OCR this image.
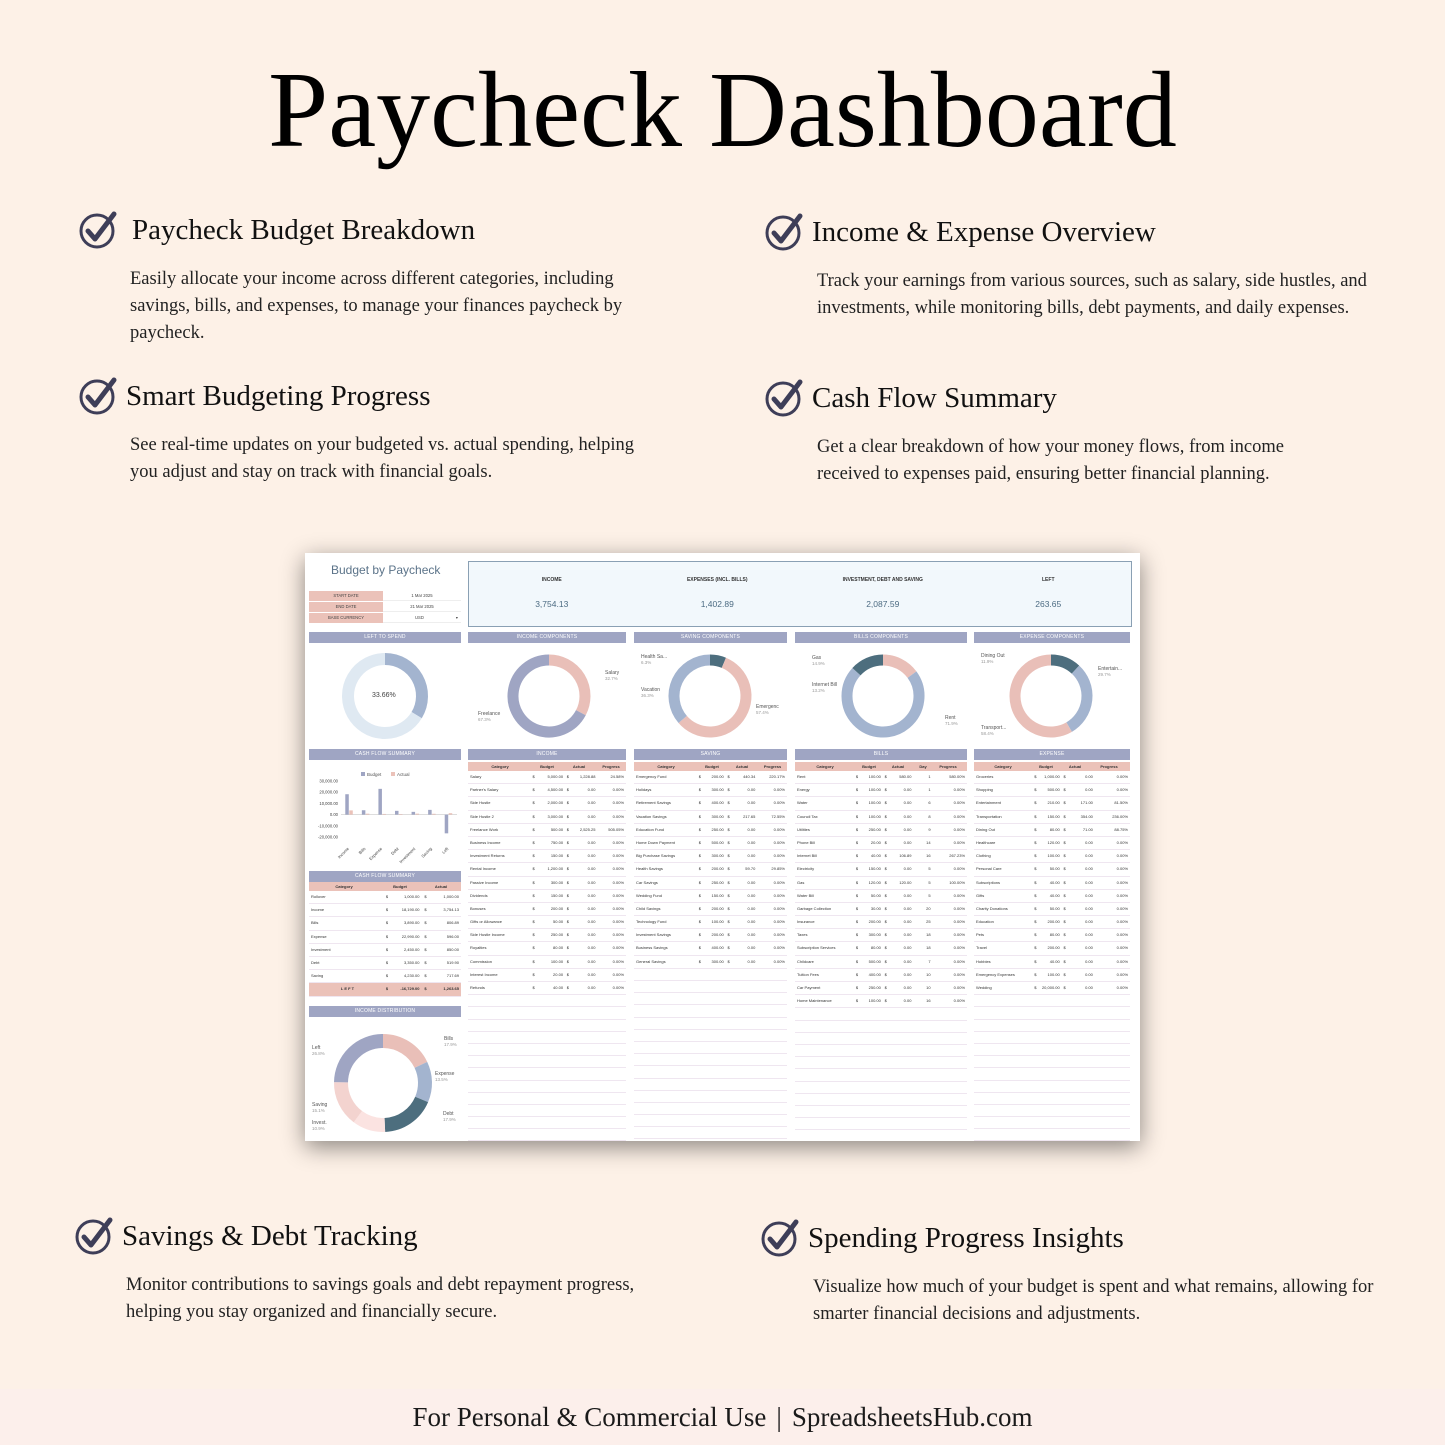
Paycheck Dashboard
Paycheck Budget Breakdown
Easily allocate your income across different categories, including savings, bills, and expenses, to manage your finances paycheck by paycheck.
Income & Expense Overview
Track your earnings from various sources, such as salary, side hustles, and investments, while monitoring bills, debt payments, and daily expenses.
Smart Budgeting Progress
See real-time updates on your budgeted vs. actual spending, helping you adjust and stay on track with financial goals.
Cash Flow Summary
Get a clear breakdown of how your money flows, from income received to expenses paid, ensuring better financial planning.
Savings & Debt Tracking
Monitor contributions to savings goals and debt repayment progress, helping you stay organized and financially secure.
Spending Progress Insights
Visualize how much of your budget is spent and what remains, allowing for smarter financial decisions and adjustments.
Budget by Paycheck
START DATE	1 Mar 2025
END DATE	21 Mar 2025
BASE CURRENCY	USD	▾
INCOME
3,754.13
EXPENSES (INCL. BILLS)
1,402.89
INVESTMENT, DEBT AND SAVING
2,087.59
LEFT
263.65
LEFT TO SPEND	INCOME COMPONENTS	SAVING COMPONENTS	BILLS COMPONENTS	EXPENSE COMPONENTS
33.66%
Salary
32.7%
Freelance
67.3%
Health Sa...
6.3%
Vacation
36.3%
Emergenc
57.4%
Gas
14.9%
Internet Bill
13.2%
Rent
71.9%
Dining Out
11.9%
Entertain...
29.7%
Transport...
58.4%
CASH FLOW SUMMARY
Budget	Actual
30,000.00
20,000.00
10,000.00
0.00
-10,000.00
-20,000.00
Income Bills Expense Debt
Investment Saving Left
CASH FLOW SUMMARY
Category	Budget	Actual
Rollover	$	1,000.00	$	1,000.00
Income	$	18,190.00	$	3,754.13
Bills	$	3,890.00	$	806.89
Expense	$	22,990.00	$	596.00
Investment	$	2,450.00	$	850.00
Debt	$	3,350.00	$	519.90
Saving	$	4,230.00	$	717.69
L E F T	$	-16,729.00	$	1,263.65
INCOME DISTRIBUTION
Left
26.8%
Bills
17.9%
Expense
13.5%
Debt
17.9%
Saving
15.1%
Invest.
10.9%
INCOME	SAVING	BILLS	EXPENSE
Category	Budget	Actual	Progress
Salary	$	5,000.00 $	1,228.88	24.58%
Partner's Salary	$	4,500.00 $	0.00	0.00%
Side Hustle	$	2,000.00 $	0.00	0.00%
Side Hustle 2	$	3,000.00 $	0.00	0.00%
Freelance Work	$	500.00 $	2,525.25	505.05%
Business Income	$	750.00 $	0.00	0.00%
Investment Returns	$	150.00 $	0.00	0.00%
Rental Income	$	1,200.00 $	0.00	0.00%
Passive Income	$	300.00 $	0.00	0.00%
Dividends	$	150.00 $	0.00	0.00%
Bonuses	$	200.00 $	0.00	0.00%
Gifts or Allowance	$	50.00 $	0.00	0.00%
Side Hustle Income	$	250.00 $	0.00	0.00%
Royalties	$	80.00 $	0.00	0.00%
Commission	$	100.00 $	0.00	0.00%
Interest Income	$	20.00 $	0.00	0.00%
Refunds	$	40.00 $	0.00	0.00%
Category	Budget	Actual	Progress
Emergency Fund	$	200.00 $	440.34	220.17%
Holidays	$	300.00 $	0.00	0.00%
Retirement Savings	$	400.00 $	0.00	0.00%
Vacation Savings	$	300.00 $	217.65	72.55%
Education Fund	$	250.00 $	0.00	0.00%
Home Down Payment	$	500.00 $	0.00	0.00%
Big Purchase Savings	$	300.00 $	0.00	0.00%
Health Savings	$	200.00 $	59.70	29.85%
Car Savings	$	250.00 $	0.00	0.00%
Wedding Fund	$	150.00 $	0.00	0.00%
Child Savings	$	200.00 $	0.00	0.00%
Technology Fund	$	100.00 $	0.00	0.00%
Investment Savings	$	200.00 $	0.00	0.00%
Business Savings	$	400.00 $	0.00	0.00%
General Savings	$	300.00 $	0.00	0.00%
Category	Budget	Actual	Day	Progress
Rent	$	100.00 $	580.00	1	580.00%
Energy	$	100.00 $	0.00	1	0.00%
Water	$	100.00 $	0.00	6	0.00%
Council Tax	$	100.00 $	0.00	8	0.00%
Utilities	$	250.00 $	0.00	9	0.00%
Phone Bill	$	20.00 $	0.00	14	0.00%
Internet Bill	$	40.00 $	106.89	16	267.23%
Electricity	$	150.00 $	0.00	5	0.00%
Gas	$	120.00 $	120.00	5	100.00%
Water Bill	$	50.00 $	0.00	5	0.00%
Garbage Collection	$	30.00 $	0.00	20	0.00%
Insurance	$	200.00 $	0.00	25	0.00%
Taxes	$	300.00 $	0.00	18	0.00%
Subscription Services	$	80.00 $	0.00	18	0.00%
Childcare	$	500.00 $	0.00	7	0.00%
Tuition Fees	$	400.00 $	0.00	10	0.00%
Car Payment	$	250.00 $	0.00	10	0.00%
Home Maintenance	$	100.00 $	0.00	16	0.00%
Category	Budget	Actual	Progress
Groceries	$	1,000.00 $	0.00	0.00%
Shopping	$	500.00 $	0.00	0.00%
Entertainment	$	210.00 $	171.00	81.50%
Transportation	$	150.00 $	354.00	236.00%
Dining Out	$	80.00 $	71.00	88.75%
Healthcare	$	120.00 $	0.00	0.00%
Clothing	$	100.00 $	0.00	0.00%
Personal Care	$	50.00 $	0.00	0.00%
Subscriptions	$	40.00 $	0.00	0.00%
Gifts	$	40.00 $	0.00	0.00%
Charity Donations	$	50.00 $	0.00	0.00%
Education	$	200.00 $	0.00	0.00%
Pets	$	80.00 $	0.00	0.00%
Travel	$	200.00 $	0.00	0.00%
Hobbies	$	40.00 $	0.00	0.00%
Emergency Expenses	$	100.00 $	0.00	0.00%
Wedding	$	20,000.00 $	0.00	0.00%
For Personal & Commercial Use | SpreadsheetsHub.com
